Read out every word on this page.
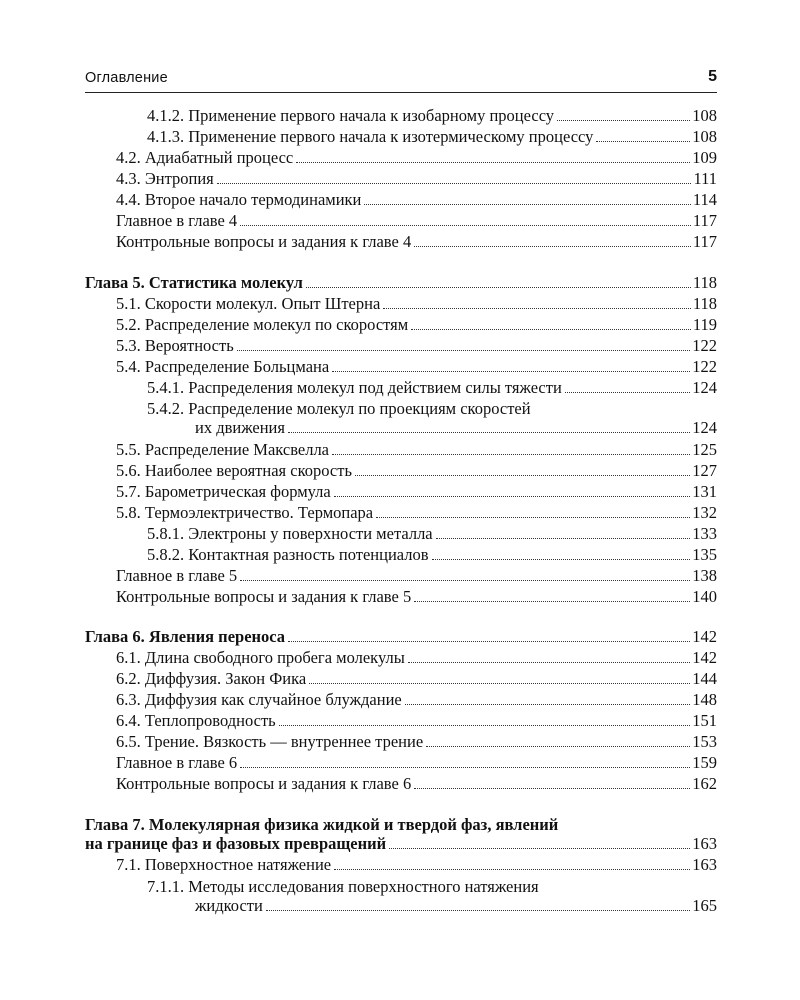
Оглавление	5
4.1.2. Применение первого начала к изобарному процессу	108
4.1.3. Применение первого начала к изотермическому процессу	108
4.2. Адиабатный процесс	109
4.3. Энтропия	111
4.4. Второе начало термодинамики	114
Главное в главе 4	117
Контрольные вопросы и задания к главе 4	117
Глава 5. Статистика молекул	118
5.1. Скорости молекул. Опыт Штерна	118
5.2. Распределение молекул по скоростям	119
5.3. Вероятность	122
5.4. Распределение Больцмана	122
5.4.1. Распределения молекул под действием силы тяжести	124
5.4.2. Распределение молекул по проекциям скоростей
их движения	124
5.5. Распределение Максвелла	125
5.6. Наиболее вероятная скорость	127
5.7. Барометрическая формула	131
5.8. Термоэлектричество. Термопара	132
5.8.1. Электроны у поверхности металла	133
5.8.2. Контактная разность потенциалов	135
Главное в главе 5	138
Контрольные вопросы и задания к главе 5	140
Глава 6. Явления переноса	142
6.1. Длина свободного пробега молекулы	142
6.2. Диффузия. Закон Фика	144
6.3. Диффузия как случайное блуждание	148
6.4. Теплопроводность	151
6.5. Трение. Вязкость — внутреннее трение	153
Главное в главе 6	159
Контрольные вопросы и задания к главе 6	162
Глава 7. Молекулярная физика жидкой и твердой фаз, явлений
на границе фаз и фазовых превращений	163
7.1. Поверхностное натяжение	163
7.1.1. Методы исследования поверхностного натяжения
жидкости	165
